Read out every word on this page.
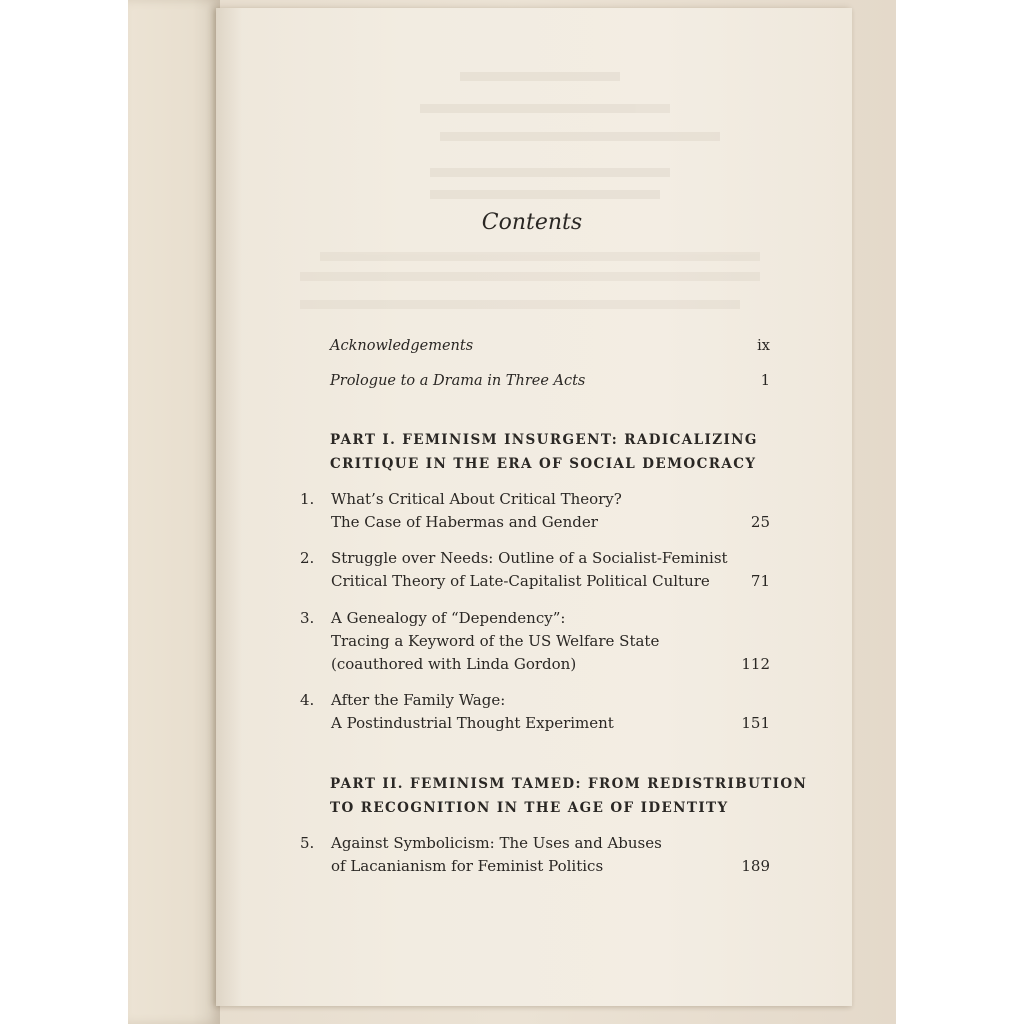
Contents
Acknowledgements	ix
Prologue to a Drama in Three Acts	1
PART I. FEMINISM INSURGENT: RADICALIZING
CRITIQUE IN THE ERA OF SOCIAL DEMOCRACY
1. What’s Critical About Critical Theory?
The Case of Habermas and Gender	25
2. Struggle over Needs: Outline of a Socialist-Feminist
Critical Theory of Late-Capitalist Political Culture	71
3. A Genealogy of “Dependency”:
Tracing a Keyword of the US Welfare State
(coauthored with Linda Gordon)	112
4. After the Family Wage:
A Postindustrial Thought Experiment	151
PART II. FEMINISM TAMED: FROM REDISTRIBUTION
TO RECOGNITION IN THE AGE OF IDENTITY
5. Against Symbolicism: The Uses and Abuses
of Lacanianism for Feminist Politics	189
